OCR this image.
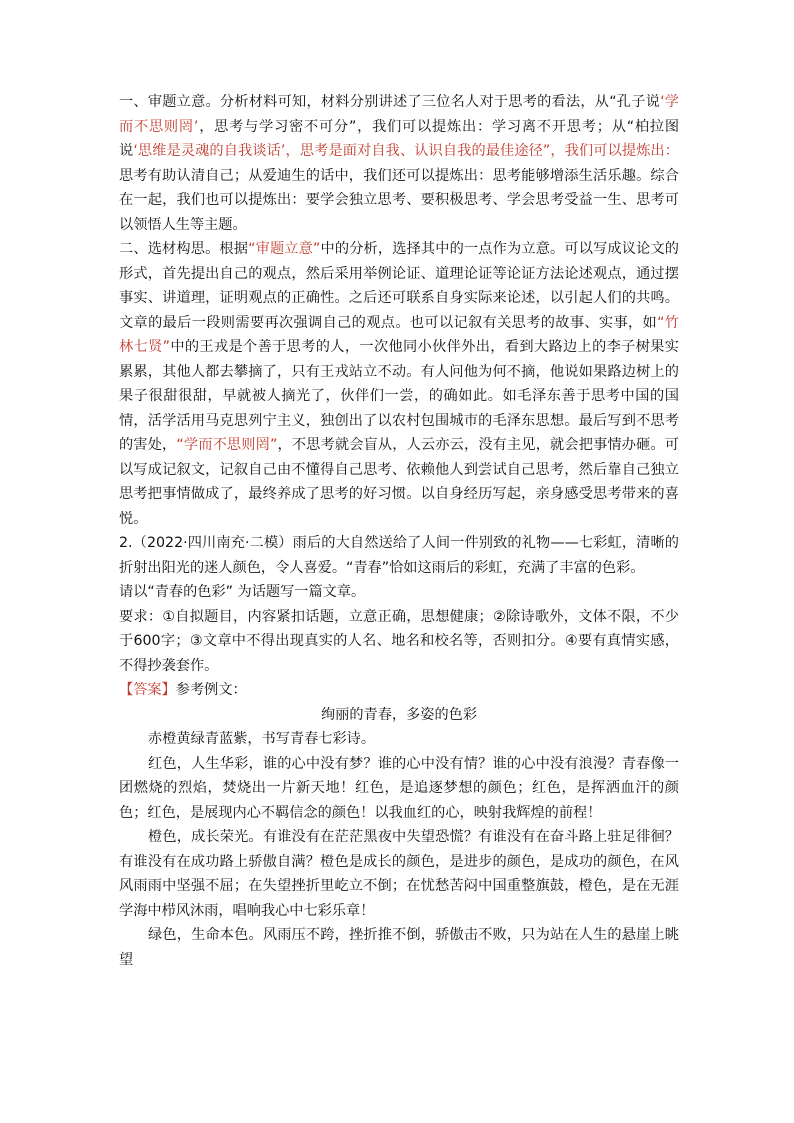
一、审题立意。分析材料可知，材料分别讲述了三位名人对于思考的看法，从“孔子说‘学而不思则罔’，思考与学习密不可分”，我们可以提炼出：学习离不开思考；从“柏拉图说‘思维是灵魂的自我谈话’，思考是面对自我、认识自我的最佳途径”，我们可以提炼出：思考有助认清自己；从爱迪生的话中，我们还可以提炼出：思考能够增添生活乐趣。综合在一起，我们也可以提炼出：要学会独立思考、要积极思考、学会思考受益一生、思考可以领悟人生等主题。

二、选材构思。根据“审题立意”中的分析，选择其中的一点作为立意。可以写成议论文的形式，首先提出自己的观点，然后采用举例论证、道理论证等论证方法论述观点，通过摆事实、讲道理，证明观点的正确性。之后还可联系自身实际来论述，以引起人们的共鸣。文章的最后一段则需要再次强调自己的观点。也可以记叙有关思考的故事、实事，如“竹林七贤”中的王戎是个善于思考的人，一次他同小伙伴外出，看到大路边上的李子树果实累累，其他人都去攀摘了，只有王戎站立不动。有人问他为何不摘，他说如果路边树上的果子很甜很甜，早就被人摘光了，伙伴们一尝，的确如此。如毛泽东善于思考中国的国情，活学活用马克思列宁主义，独创出了以农村包围城市的毛泽东思想。最后写到不思考的害处，“学而不思则罔”，不思考就会盲从，人云亦云，没有主见，就会把事情办砸。可以写成记叙文，记叙自己由不懂得自己思考、依赖他人到尝试自己思考，然后靠自己独立思考把事情做成了，最终养成了思考的好习惯。以自身经历写起，亲身感受思考带来的喜悦。

2.（2022·四川南充·二模）雨后的大自然送给了人间一件别致的礼物——七彩虹，清晰的折射出阳光的迷人颜色，令人喜爱。“青春”恰如这雨后的彩虹，充满了丰富的色彩。

请以“青春的色彩” 为话题写一篇文章。

要求：①自拟题目，内容紧扣话题，立意正确，思想健康；②除诗歌外，文体不限，不少于600字；③文章中不得出现真实的人名、地名和校名等，否则扣分。④要有真情实感，不得抄袭套作。

【答案】参考例文：

绚丽的青春，多姿的色彩

赤橙黄绿青蓝紫，书写青春七彩诗。

红色，人生华彩，谁的心中没有梦？谁的心中没有情？谁的心中没有浪漫？青春像一团燃烧的烈焰，焚烧出一片新天地！红色，是追逐梦想的颜色；红色，是挥洒血汗的颜色；红色，是展现内心不羁信念的颜色！以我血红的心，映射我辉煌的前程！

橙色，成长荣光。有谁没有在茫茫黑夜中失望恐慌？有谁没有在奋斗路上驻足徘徊？有谁没有在成功路上骄傲自满？橙色是成长的颜色，是进步的颜色，是成功的颜色，在风风雨雨中坚强不屈；在失望挫折里屹立不倒；在忧愁苦闷中国重整旗鼓，橙色，是在无涯学海中栉风沐雨，唱响我心中七彩乐章！

绿色，生命本色。风雨压不跨，挫折推不倒，骄傲击不败，只为站在人生的悬崖上眺望
